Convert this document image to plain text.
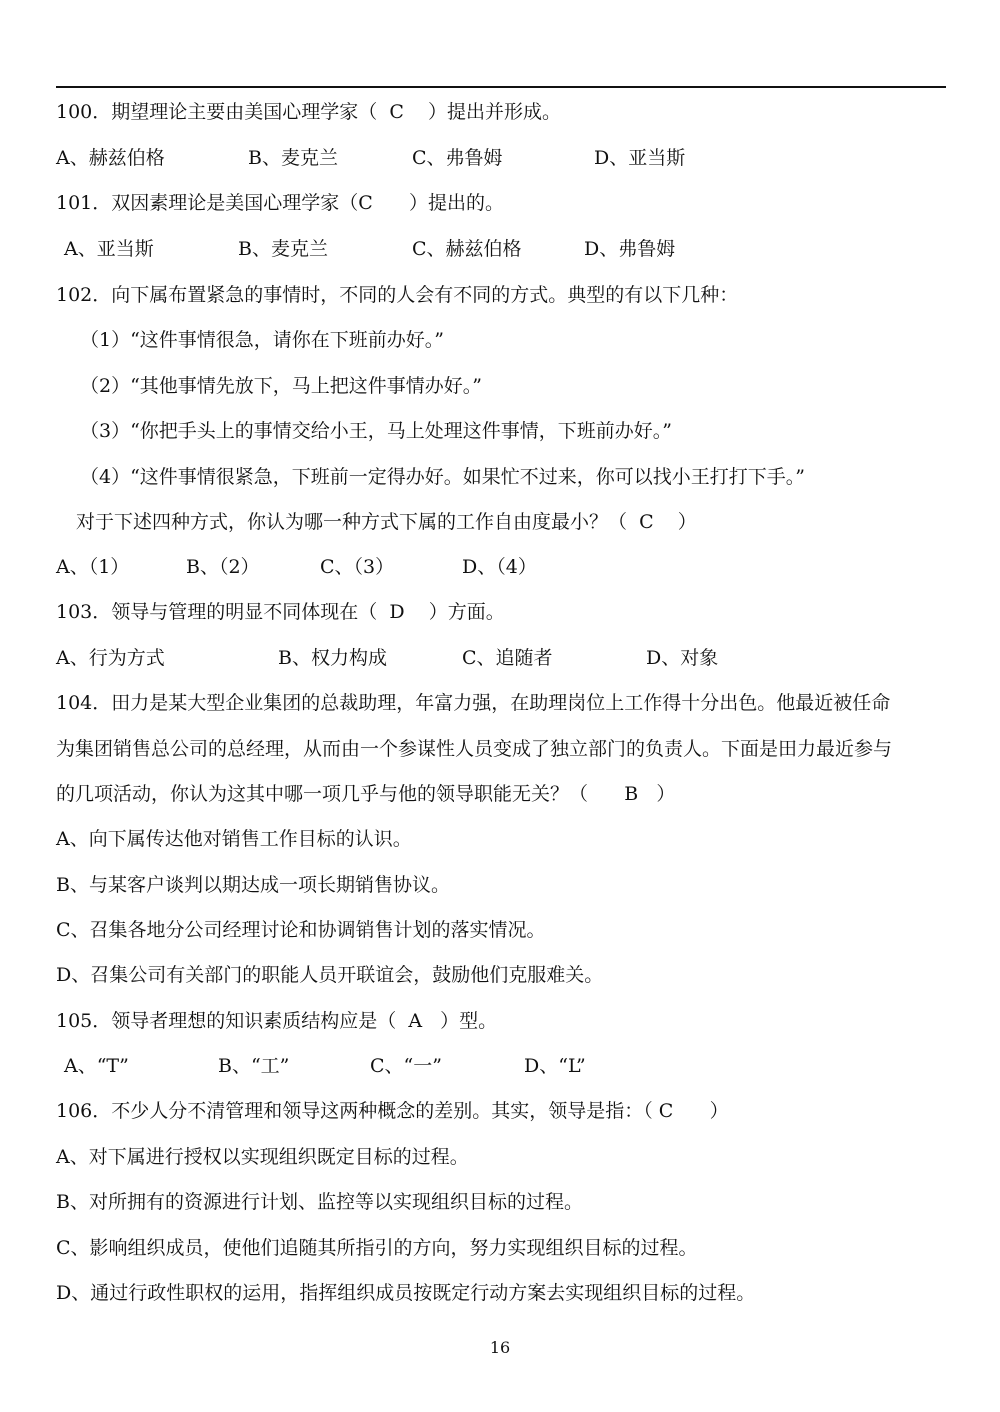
100．期望理论主要由美国心理学家（  C    ）提出并形成。
A、赫兹伯格	B、麦克兰	C、弗鲁姆	D、亚当斯
101．双因素理论是美国心理学家（C      ）提出的。
A、亚当斯	B、麦克兰	C、赫兹伯格	D、弗鲁姆
102．向下属布置紧急的事情时，不同的人会有不同的方式。典型的有以下几种：
（1）“这件事情很急，请你在下班前办好。”
（2）“其他事情先放下，马上把这件事情办好。”
（3）“你把手头上的事情交给小王，马上处理这件事情，下班前办好。”
（4）“这件事情很紧急，下班前一定得办好。如果忙不过来，你可以找小王打打下手。”
对于下述四种方式，你认为哪一种方式下属的工作自由度最小？（  C    ）
A、（1）	B、（2）	C、（3）	D、（4）
103．领导与管理的明显不同体现在（  D    ）方面。
A、行为方式	B、权力构成	C、追随者	D、对象
104．田力是某大型企业集团的总裁助理，年富力强，在助理岗位上工作得十分出色。他最近被任命
为集团销售总公司的总经理，从而由一个参谋性人员变成了独立部门的负责人。下面是田力最近参与
的几项活动，你认为这其中哪一项几乎与他的领导职能无关？（      B   ）
A、向下属传达他对销售工作目标的认识。
B、与某客户谈判以期达成一项长期销售协议。
C、召集各地分公司经理讨论和协调销售计划的落实情况。
D、召集公司有关部门的职能人员开联谊会，鼓励他们克服难关。
105．领导者理想的知识素质结构应是（  A   ）型。
A、“T”	B、“工”	C、“一”	D、“L”
106．不少人分不清管理和领导这两种概念的差别。其实，领导是指：（ C      ）
A、对下属进行授权以实现组织既定目标的过程。
B、对所拥有的资源进行计划、监控等以实现组织目标的过程。
C、影响组织成员，使他们追随其所指引的方向，努力实现组织目标的过程。
D、通过行政性职权的运用，指挥组织成员按既定行动方案去实现组织目标的过程。
16
